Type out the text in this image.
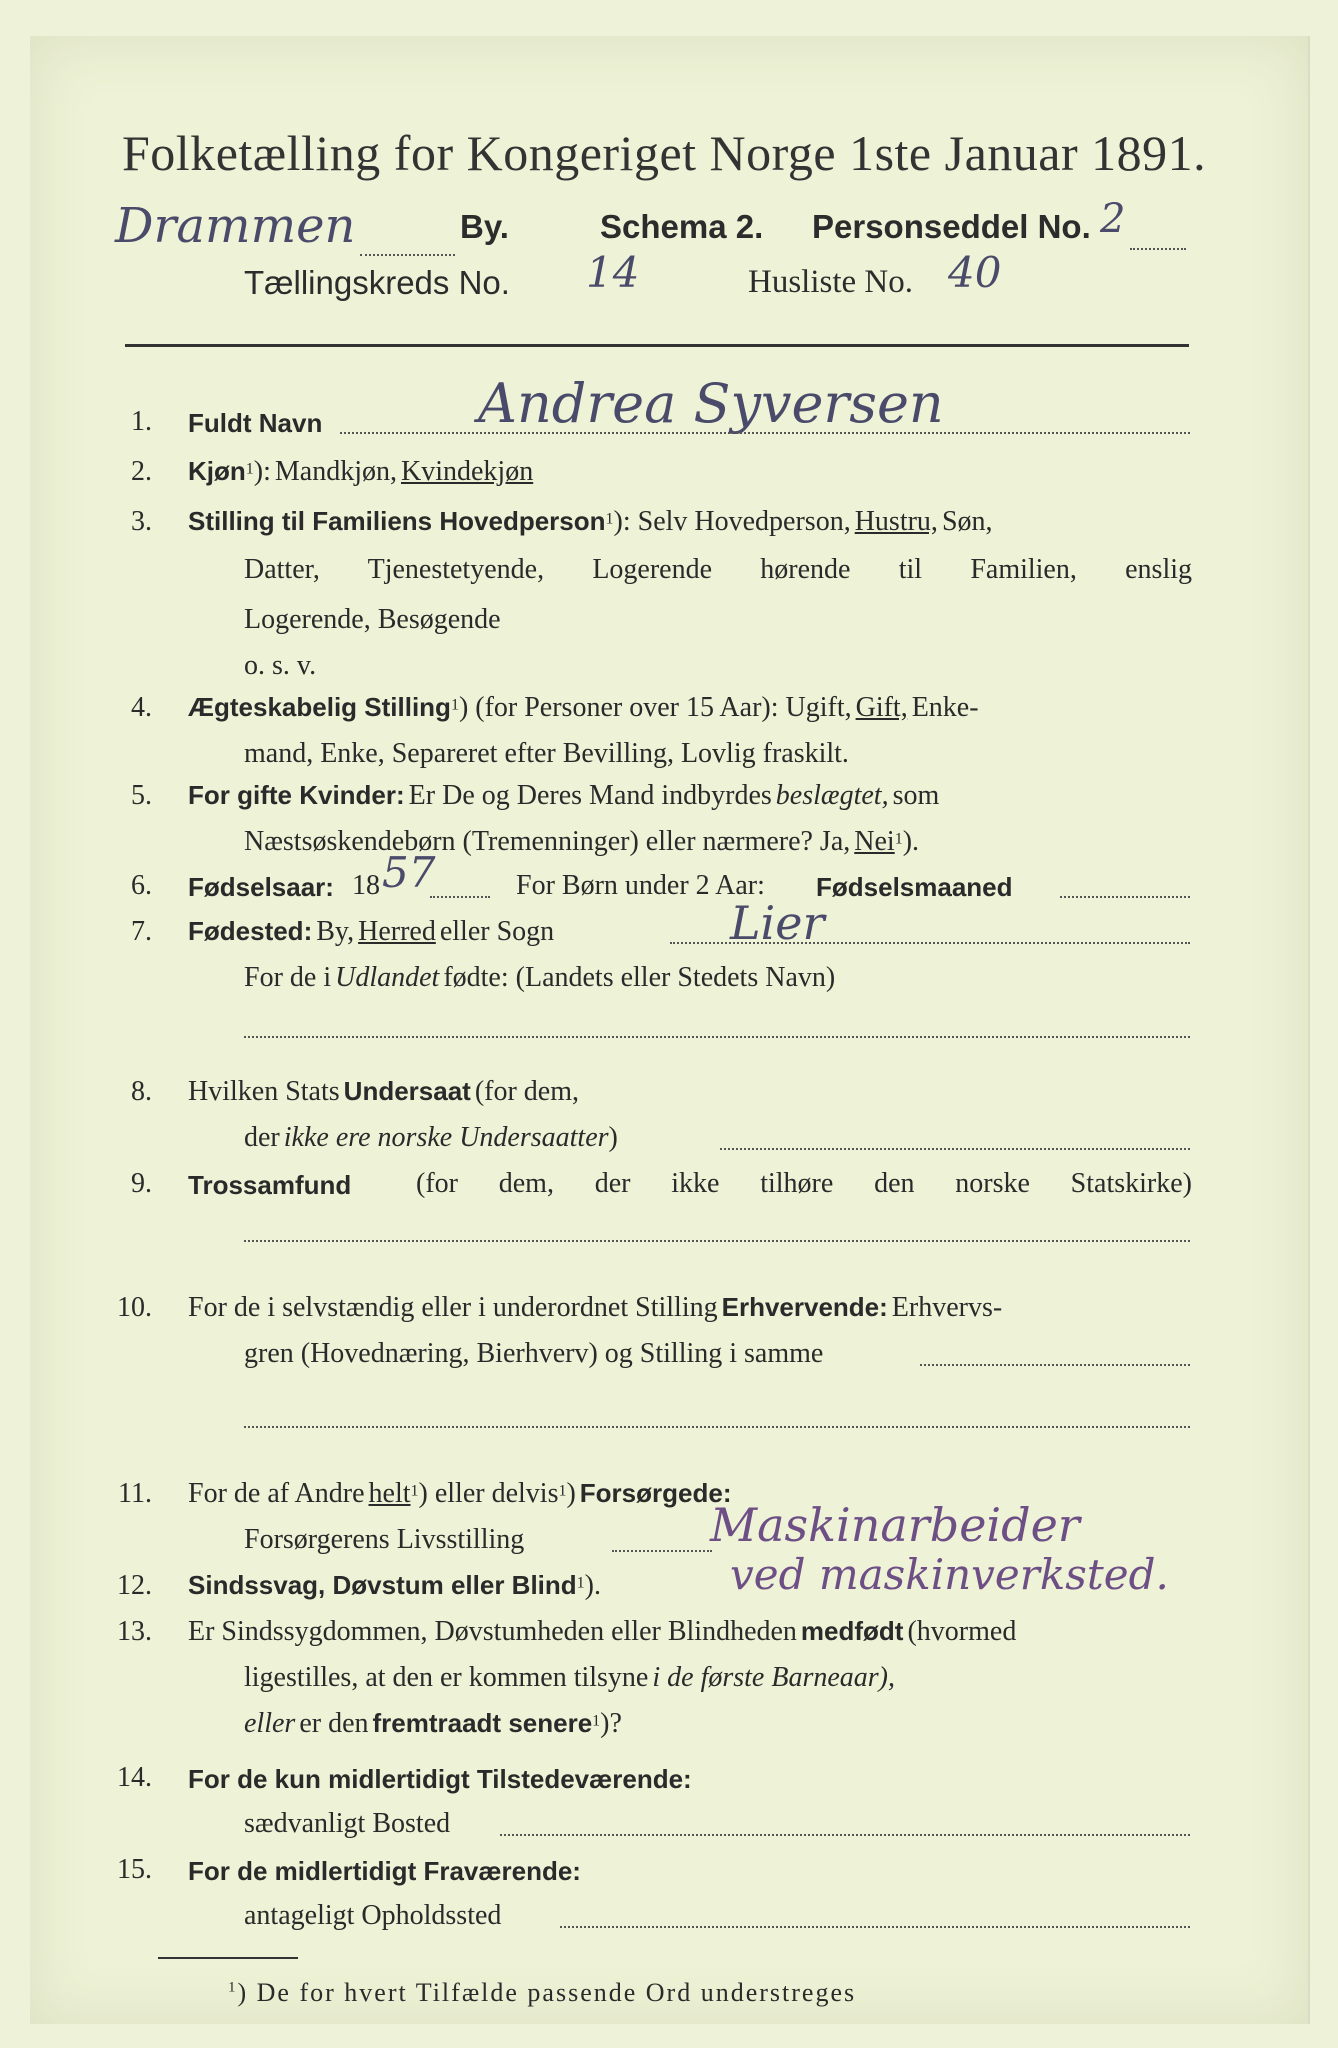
Folketælling for Kongeriget Norge 1ste Januar 1891.
Drammen	By.	Schema 2. Personseddel No. 2
Tællingskreds No. 14	Husliste No. 40
1. Fuldt Navn	Andrea Syversen
2. Kjøn$^1$): Mandkjøn, Kvindekjøn
3. Stilling til Familiens Hovedperson$^1$): Selv Hovedperson, Hustru, Søn,
Datter, Tjenestetyende, Logerende hørende til Familien, enslig
Logerende, Besøgende
o. s. v.
4. Ægteskabelig Stilling$^1$) (for Personer over 15 Aar): Ugift, Gift, Enke-
mand, Enke, Separeret efter Bevilling, Lovlig fraskilt.
5. For gifte Kvinder: Er De og Deres Mand indbyrdes beslægtet, som
Næstsøskendebørn (Tremenninger) eller nærmere? Ja, Nei$^1$).
6. Fødselsaar: 18 57	For Børn under 2 Aar: Fødselsmaaned
7. Fødested: By, Herred eller Sogn	Lier
For de i Udlandet fødte: (Landets eller Stedets Navn)
8. Hvilken Stats Undersaat (for dem,
der ikke ere norske Undersaatter)
9. Trossamfund (for dem, der ikke tilhøre den norske Statskirke)
10. For de i selvstændig eller i underordnet Stilling Erhvervende: Erhvervs-
gren (Hovednæring, Bierhverv) og Stilling i samme
11. For de af Andre helt$^1$) eller delvis$^1$) Forsørgede:
Forsørgerens Livsstilling	Maskinarbeider
12. Sindssvag, Døvstum eller Blind$^1$).	ved maskinverksted.
13. Er Sindssygdommen, Døvstumheden eller Blindheden medfødt (hvormed
ligestilles, at den er kommen tilsyne i de første Barneaar),
eller er den fremtraadt senere$^1$)?
14. For de kun midlertidigt Tilstedeværende:
sædvanligt Bosted
15. For de midlertidigt Fraværende:
antageligt Opholdssted
$^1$) De for hvert Tilfælde passende Ord understreges
